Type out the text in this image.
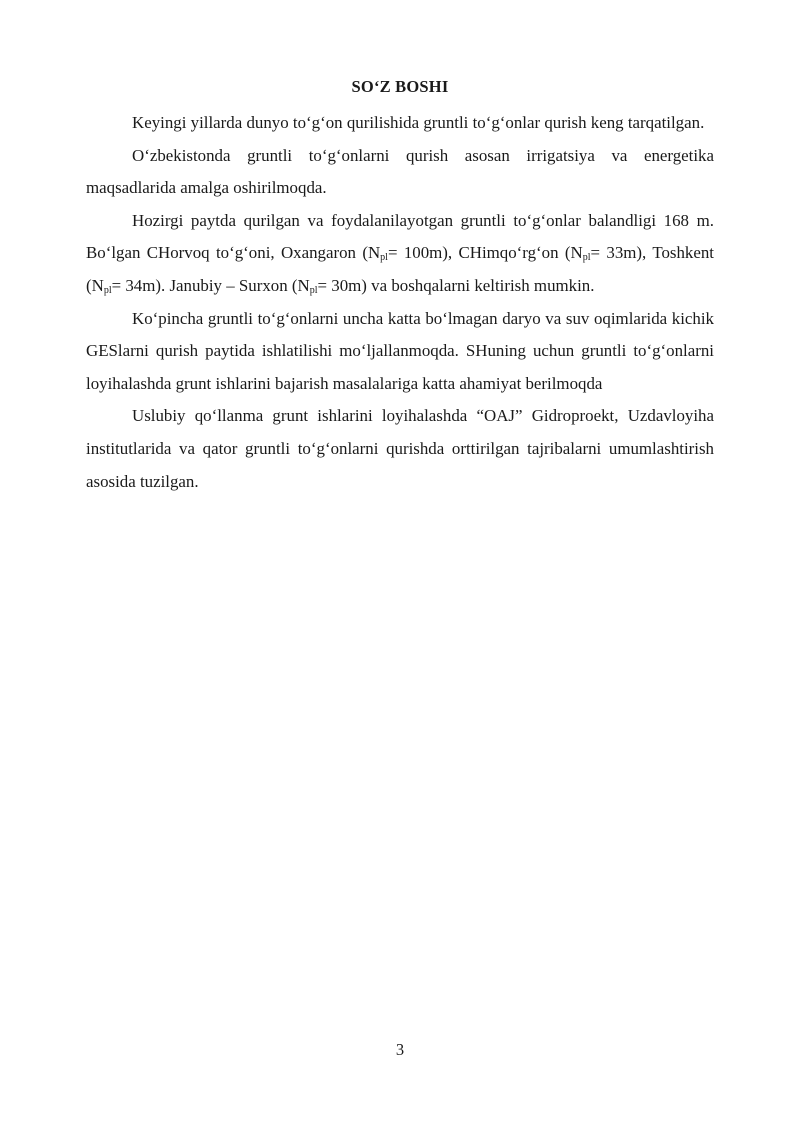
SO‘Z BOSHI

Keyingi yillarda dunyo to‘g‘on qurilishida gruntli to‘g‘onlar qurish keng tarqatilgan.

O‘zbekistonda gruntli to‘g‘onlarni qurish asosan irrigatsiya va energetika maqsadlarida amalga oshirilmoqda.

Hozirgi paytda qurilgan va foydalanilayotgan gruntli to‘g‘onlar balandligi 168 m. Bo‘lgan CHorvoq to‘g‘oni, Oxangaron $(N_{pl}= 100m)$, CHimqo‘rg‘on $(N_{pl}= 33m)$, Toshkent $(N_{pl}= 34m)$. Janubiy – Surxon $(N_{pl}= 30m)$ va boshqalarni keltirish mumkin.

Ko‘pincha gruntli to‘g‘onlarni uncha katta bo‘lmagan daryo va suv oqimlarida kichik GESlarni qurish paytida ishlatilishi mo‘ljallanmoqda. SHuning uchun gruntli to‘g‘onlarni loyihalashda grunt ishlarini bajarish masalalariga katta ahamiyat berilmoqda

Uslubiy qo‘llanma grunt ishlarini loyihalashda “OAJ” Gidroproekt, Uzdavloyiha institutlarida va qator gruntli to‘g‘onlarni qurishda orttirilgan tajribalarni umumlashtirish asosida tuzilgan.

3
